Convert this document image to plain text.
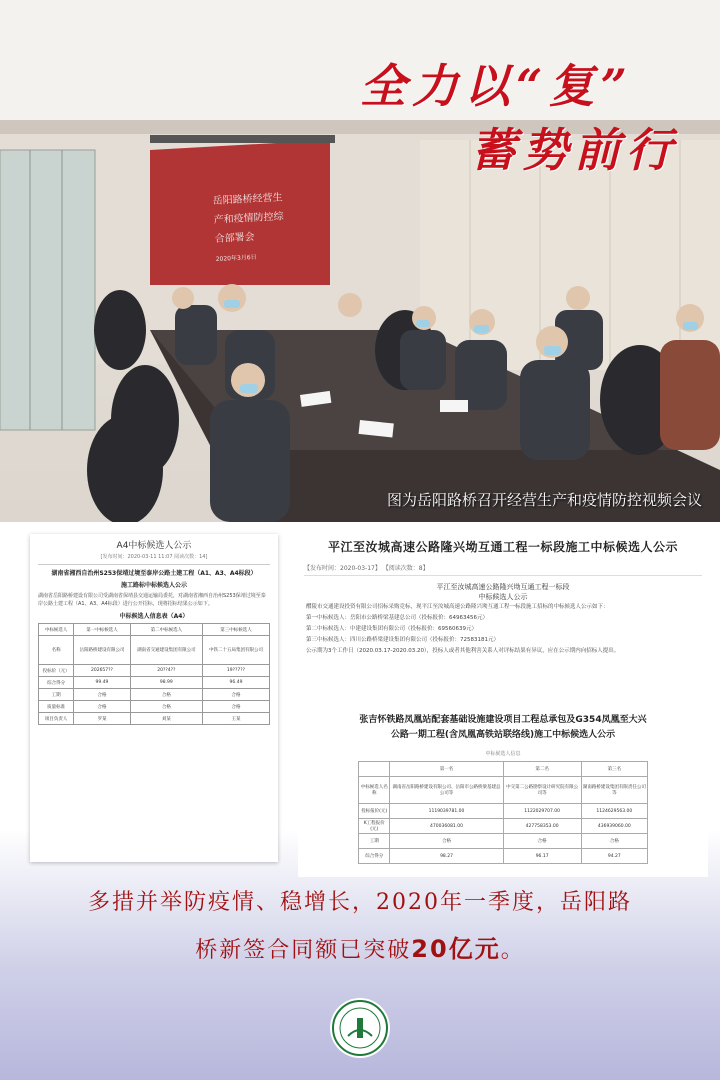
全力以“复”
蓄势前行
岳阳路桥经营生产和疫情防控综合部署会
2020年3月6日
图为岳阳路桥召开经营生产和疫情防控视频会议
A4中标候选人公示
[发布时间：2020-03-11 11:07 阅读次数：14]
湖南省湘西自治州S253保靖过境至泰岸公路土建工程（A1、A3、A4标段）
施工路标中标候选人公示
湖南省岳阳路桥建设有限公司受湖南省保靖县交通运输局委托，对湖南省湘西自治州S253保靖过境至泰岸公路土建工程（A1、A3、A4标段）进行公开招标，现将招标结果公示如下。
中标候选人信息表（A4）
中标候选人	第一中标候选人	第二中标候选人	第三中标候选人
名称	岳阳路桥建设有限公司	湖南省交通建设集团有限公司	中铁二十五局集团有限公司
投标价（元）	202657??	20??4??	19??7??
综合得分	99.49	98.99	96.49
工期	合格	合格	合格
质量标准	合格	合格	合格
项目负责人	罗某	刘某	王某
平江至汝城高速公路隆兴坳互通工程一标段施工中标候选人公示
【发布时间：2020-03-17】 【阅读次数：8】
平江至汝城高速公路隆兴坳互通工程一标段
中标候选人公示
醴陵市交通建设投资有限公司招标采购竞标，现平江至汝城高速公路隆兴坳互通工程一标段施工招标的中标候选人公示如下：
第一中标候选人：岳阳市公路桥梁基建总公司（投标报价：64963456元）
第二中标候选人：中建建设集团有限公司（投标报价：69560639元）
第三中标候选人：四川公路桥梁建设集团有限公司（投标报价：72583181元）
公示期为3个工作日（2020.03.17-2020.03.20），投标人或者其他利害关系人对评标结果有异议，应在公示期内向招标人提出。
张吉怀铁路凤凰站配套基础设施建设项目工程总承包及G354凤凰至大兴
公路一期工程(含凤凰高铁站联络线)施工中标候选人公示
中标候选人信息
	第一名	第二名	第三名
中标候选人名称	湖南省岳阳路桥建设有限公司、岳阳市公路桥梁基建总公司等	中交第二公路勘察设计研究院有限公司等	湖南路桥建设集团有限责任公司等
投标报价(元)	1119039781.00	1122029707.00	1124629563.00
K工程报价(元)	470036081.00	427758353.00	436939060.00
工期	合格	合格	合格
综合得分	98.27	96.17	94.27
多措并举防疫情、稳增长，2020年一季度，岳阳路
桥新签合同额已突破20亿元。
